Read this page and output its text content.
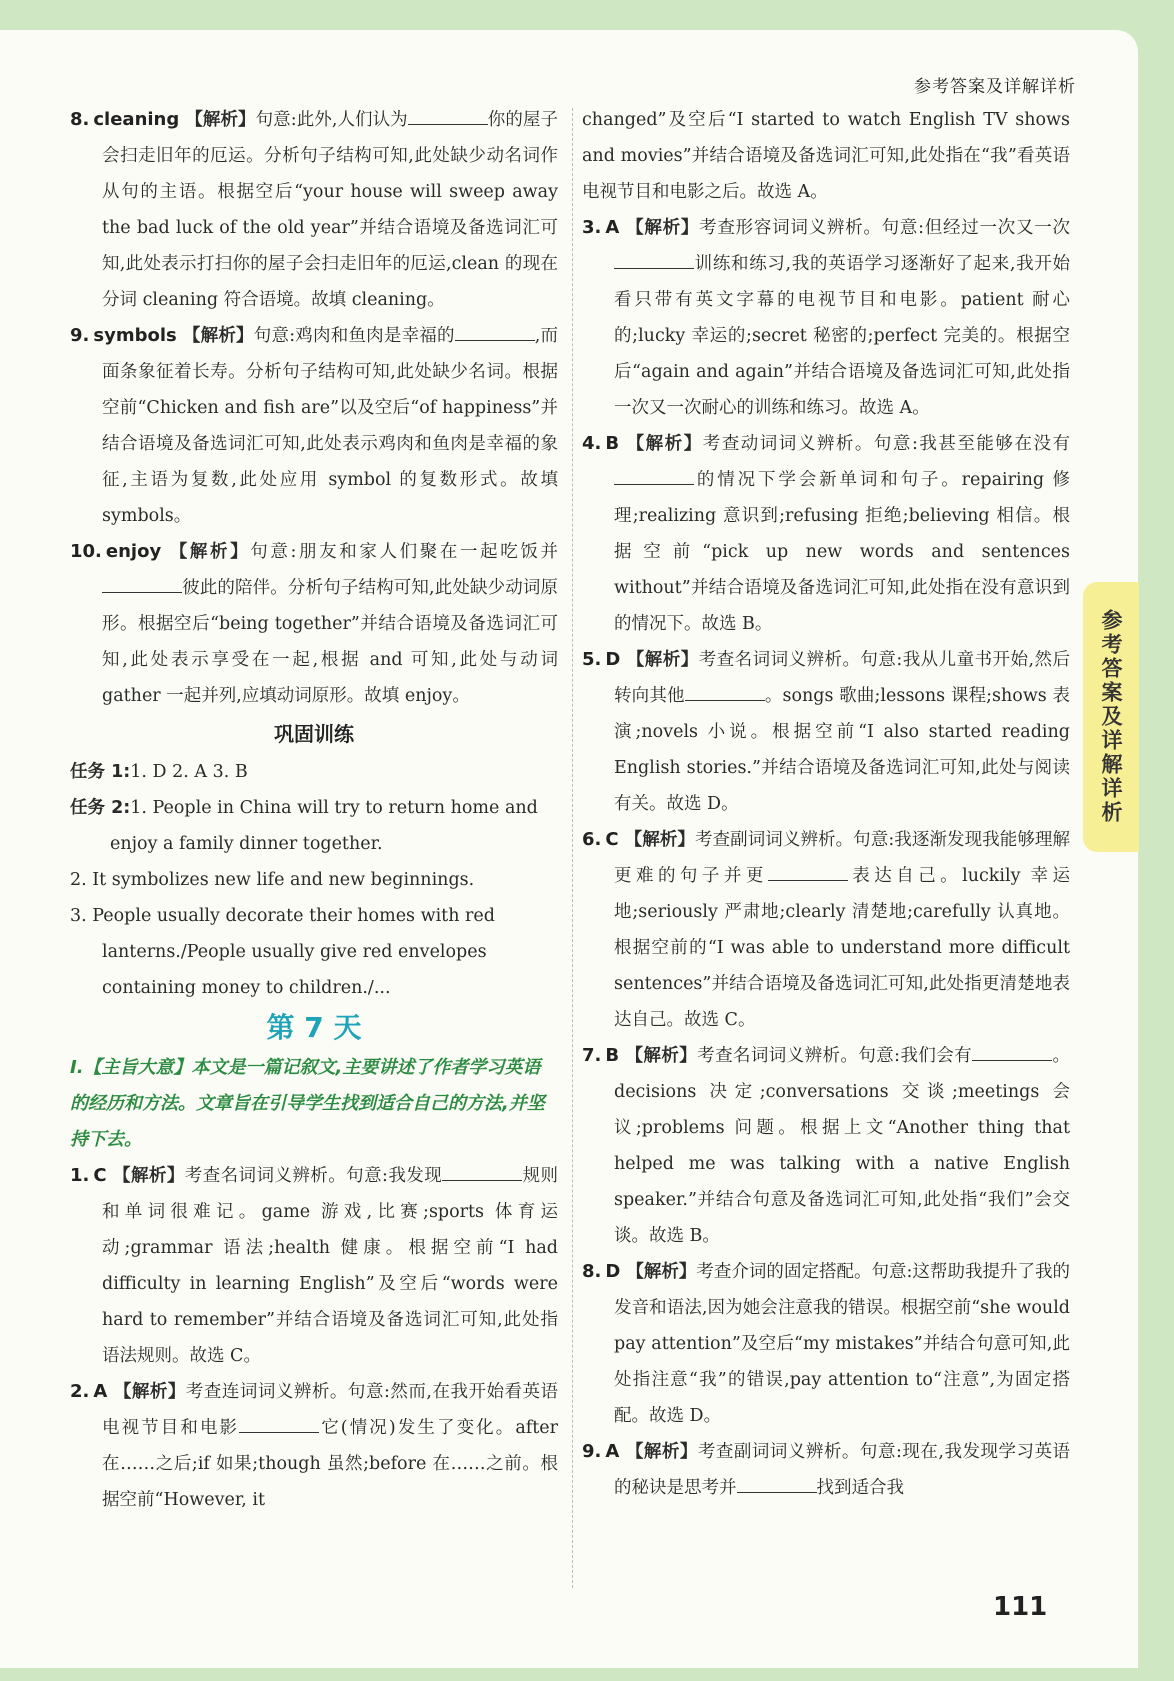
参考答案及详解详析
8. cleaning 【解析】句意:此外,人们认为	你的屋子会扫走旧年的厄运。分析句子结构可知,此处缺少动名词作从句的主语。根据空后“your house will sweep away the bad luck of the old year”并结合语境及备选词汇可知,此处表示打扫你的屋子会扫走旧年的厄运,clean 的现在分词 cleaning 符合语境。故填 cleaning。
9. symbols 【解析】句意:鸡肉和鱼肉是幸福的	,而面条象征着长寿。分析句子结构可知,此处缺少名词。根据空前“Chicken and fish are”以及空后“of happiness”并结合语境及备选词汇可知,此处表示鸡肉和鱼肉是幸福的象征,主语为复数,此处应用 symbol 的复数形式。故填 symbols。
10. enjoy 【解析】句意:朋友和家人们聚在一起吃饭并彼此的陪伴。分析句子结构可知,此处缺少动词原形。根据空后“being together”并结合语境及备选词汇可知,此处表示享受在一起,根据 and 可知,此处与动词 gather 一起并列,应填动词原形。故填 enjoy。
巩固训练
任务 1:1. D 2. A 3. B
任务 2:1. People in China will try to return home and enjoy a family dinner together.
2. It symbolizes new life and new beginnings.
3. People usually decorate their homes with red lanterns./People usually give red envelopes containing money to children./...
第 7 天
Ⅰ.【主旨大意】本文是一篇记叙文,主要讲述了作者学习英语的经历和方法。文章旨在引导学生找到适合自己的方法,并坚持下去。
1. C 【解析】考查名词词义辨析。句意:我发现	规则和单词很难记。game 游戏,比赛;sports 体育运动;grammar 语法;health 健康。根据空前“I had difficulty in learning English”及空后“words were hard to remember”并结合语境及备选词汇可知,此处指语法规则。故选 C。
2. A 【解析】考查连词词义辨析。句意:然而,在我开始看英语电视节目和电影	它(情况)发生了变化。after 在……之后;if 如果;though 虽然;before 在……之前。根据空前“However, it
changed”及空后“I started to watch English TV shows and movies”并结合语境及备选词汇可知,此处指在“我”看英语电视节目和电影之后。故选 A。
3. A 【解析】考查形容词词义辨析。句意:但经过一次又一次训练和练习,我的英语学习逐渐好了起来,我开始看只带有英文字幕的电视节目和电影。patient 耐心的;lucky 幸运的;secret 秘密的;perfect 完美的。根据空后“again and again”并结合语境及备选词汇可知,此处指一次又一次耐心的训练和练习。故选 A。
4. B 【解析】考查动词词义辨析。句意:我甚至能够在没有的情况下学会新单词和句子。repairing 修理;realizing 意识到;refusing 拒绝;believing 相信。根据空前“pick up new words and sentences without”并结合语境及备选词汇可知,此处指在没有意识到的情况下。故选 B。
5. D 【解析】考查名词词义辨析。句意:我从儿童书开始,然后转向其他	。songs 歌曲;lessons 课程;shows 表演;novels 小说。根据空前“I also started reading English stories.”并结合语境及备选词汇可知,此处与阅读有关。故选 D。
6. C 【解析】考查副词词义辨析。句意:我逐渐发现我能够理解更难的句子并更	表达自己。luckily 幸运地;seriously 严肃地;clearly 清楚地;carefully 认真地。根据空前的“I was able to understand more difficult sentences”并结合语境及备选词汇可知,此处指更清楚地表达自己。故选 C。
7. B 【解析】考查名词词义辨析。句意:我们会有	。decisions 决定;conversations 交谈;meetings 会议;problems 问题。根据上文“Another thing that helped me was talking with a native English speaker.”并结合句意及备选词汇可知,此处指“我们”会交谈。故选 B。
8. D 【解析】考查介词的固定搭配。句意:这帮助我提升了我的发音和语法,因为她会注意我的错误。根据空前“she would pay attention”及空后“my mistakes”并结合句意可知,此处指注意“我”的错误,pay attention to“注意”,为固定搭配。故选 D。
9. A 【解析】考查副词词义辨析。句意:现在,我发现学习英语的秘诀是思考并	找到适合我
参考答案及详解详析
111
